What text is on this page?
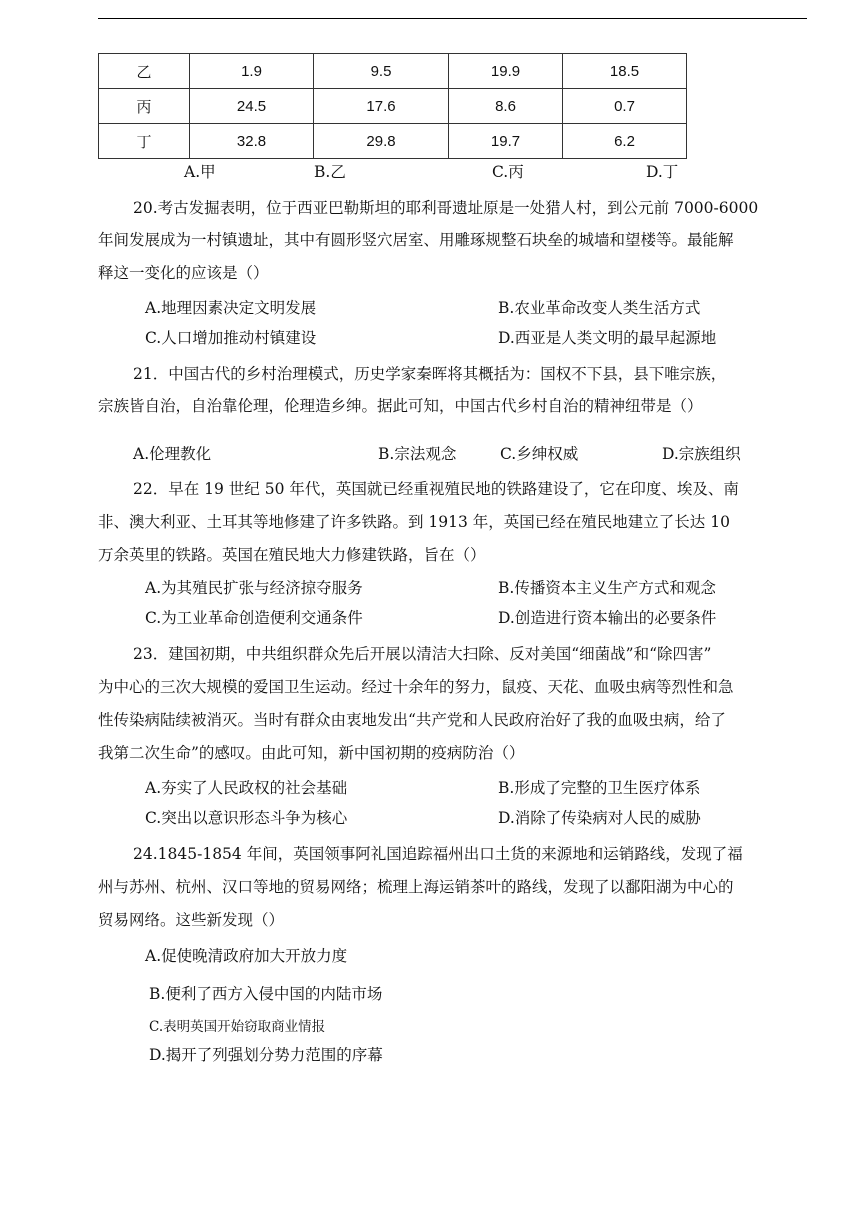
乙	1.9	9.5	19.9	18.5
丙	24.5	17.6	8.6	0.7
丁	32.8	29.8	19.7	6.2
A.甲	B.乙	C.丙	D.丁
20.考古发掘表明，位于西亚巴勒斯坦的耶利哥遗址原是一处猎人村，到公元前 7000-6000
年间发展成为一村镇遗址，其中有圆形竖穴居室、用雕琢规整石块垒的城墙和望楼等。最能解
释这一变化的应该是（）
A.地理因素决定文明发展	B.农业革命改变人类生活方式
C.人口增加推动村镇建设	D.西亚是人类文明的最早起源地
21．中国古代的乡村治理模式，历史学家秦晖将其概括为：国权不下县，县下唯宗族，
宗族皆自治，自治靠伦理，伦理造乡绅。据此可知，中国古代乡村自治的精神纽带是（）
A.伦理教化	B.宗法观念	C.乡绅权威	D.宗族组织
22．早在 19 世纪 50 年代，英国就已经重视殖民地的铁路建设了，它在印度、埃及、南
非、澳大利亚、土耳其等地修建了许多铁路。到 1913 年，英国已经在殖民地建立了长达 10
万余英里的铁路。英国在殖民地大力修建铁路，旨在（）
A.为其殖民扩张与经济掠夺服务	B.传播资本主义生产方式和观念
C.为工业革命创造便利交通条件	D.创造进行资本输出的必要条件
23．建国初期，中共组织群众先后开展以清洁大扫除、反对美国“细菌战”和“除四害”
为中心的三次大规模的爱国卫生运动。经过十余年的努力，鼠疫、天花、血吸虫病等烈性和急
性传染病陆续被消灭。当时有群众由衷地发出“共产党和人民政府治好了我的血吸虫病，给了
我第二次生命”的感叹。由此可知，新中国初期的疫病防治（）
A.夯实了人民政权的社会基础	B.形成了完整的卫生医疗体系
C.突出以意识形态斗争为核心	D.消除了传染病对人民的威胁
24.1845-1854 年间，英国领事阿礼国追踪福州出口土货的来源地和运销路线，发现了福
州与苏州、杭州、汉口等地的贸易网络；梳理上海运销茶叶的路线，发现了以鄱阳湖为中心的
贸易网络。这些新发现（）
A.促使晚清政府加大开放力度
B.便利了西方入侵中国的内陆市场
C.表明英国开始窃取商业情报
D.揭开了列强划分势力范围的序幕
